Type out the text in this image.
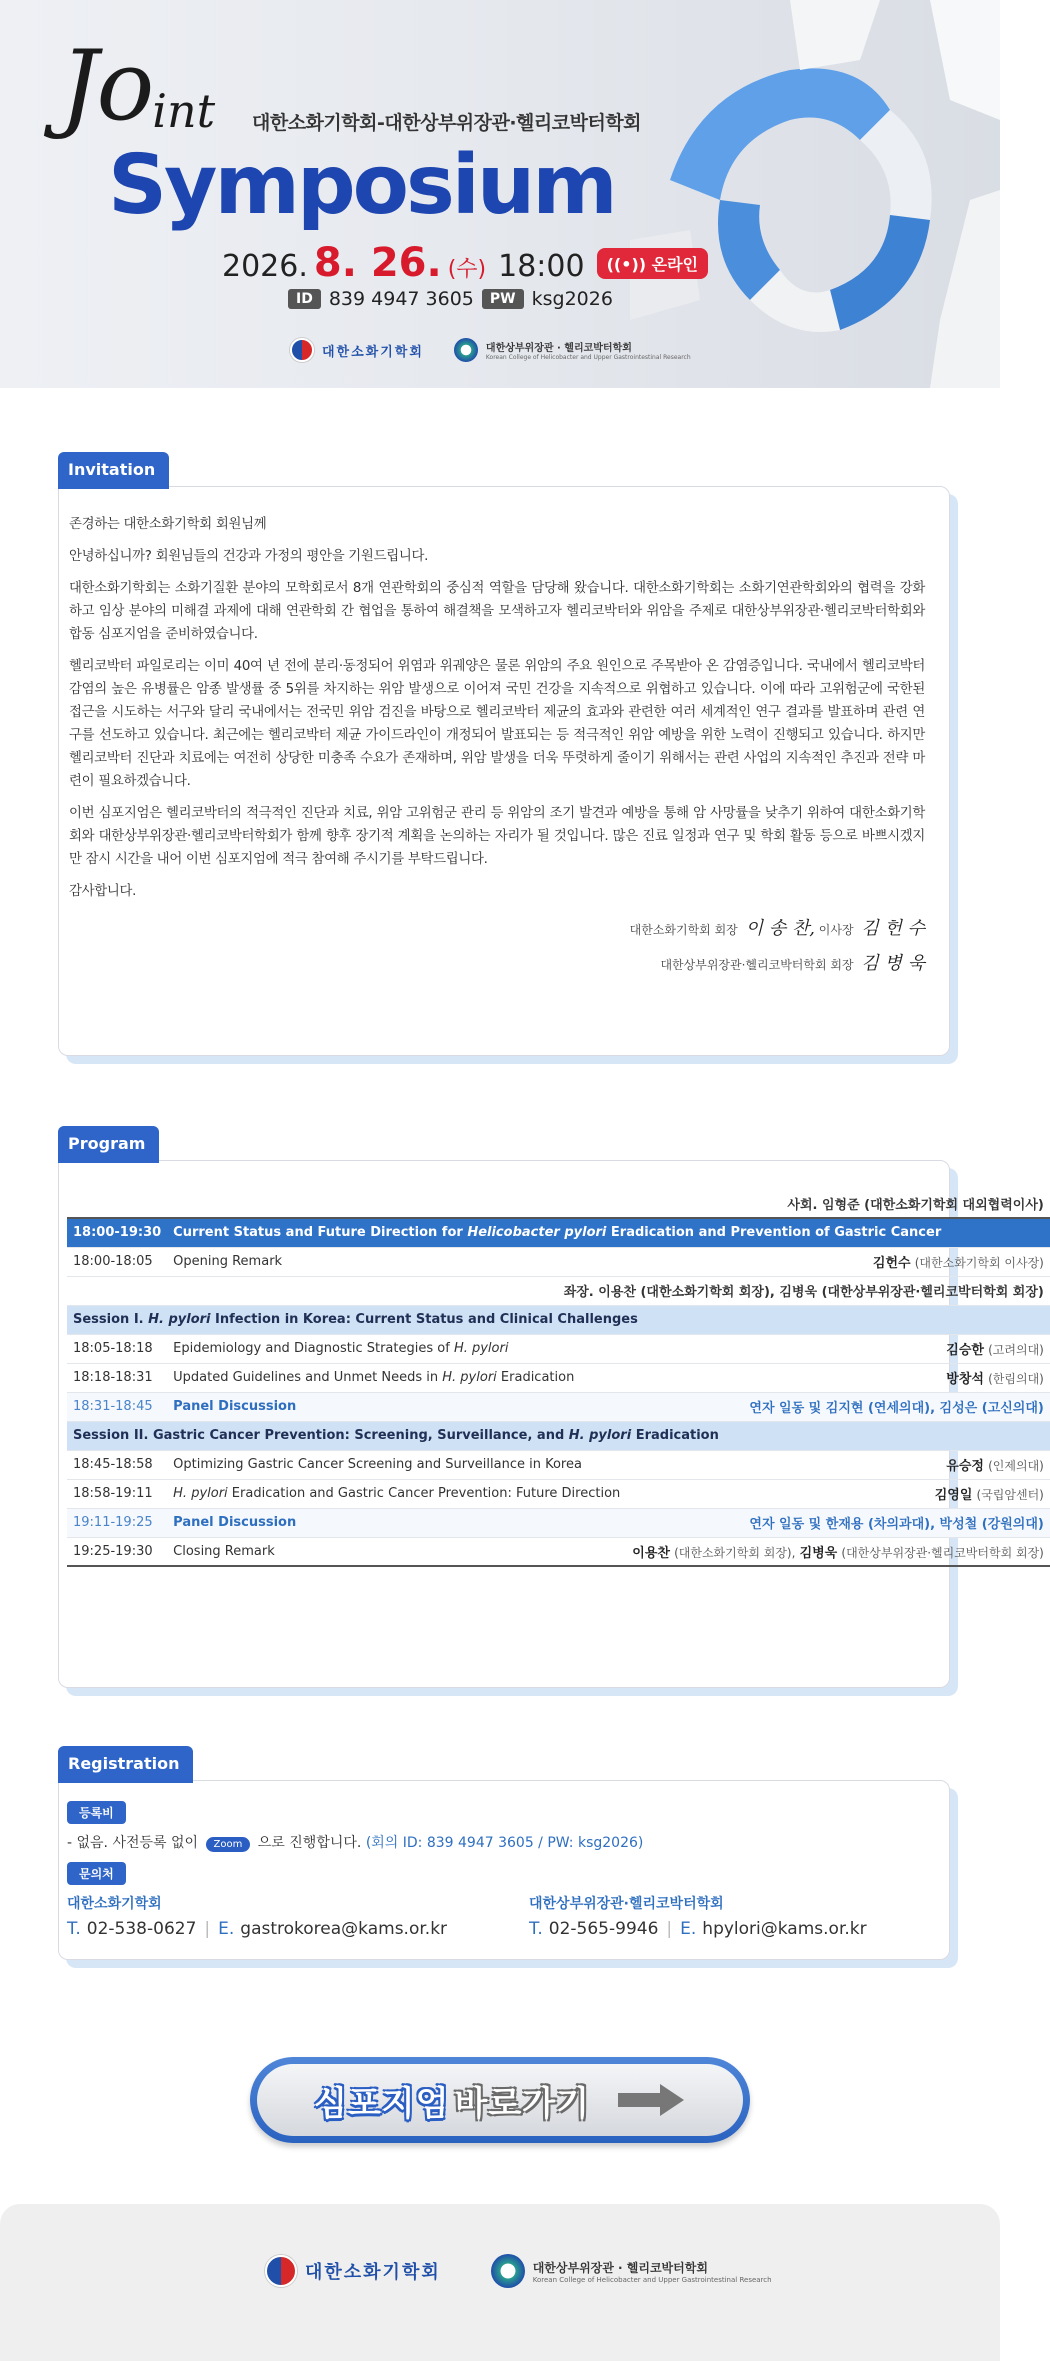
Joint 대한소화기학회-대한상부위장관·헬리코박터학회
Symposium
2026. 8. 26. (수) 18:00	((•)) 온라인
ID 839 4947 3605	PW ksg2026
대한소화기학회	대한상부위장관 · 헬리코박터학회
Korean College of Helicobacter and Upper Gastrointestinal Research
Invitation

존경하는 대한소화기학회 회원님께

안녕하십니까? 회원님들의 건강과 가정의 평안을 기원드립니다.

대한소화기학회는 소화기질환 분야의 모학회로서 8개 연관학회의 중심적 역할을 담당해 왔습니다. 대한소화기학회는 소화기연관학회와의 협력을 강화하고 임상 분야의 미해결 과제에 대해 연관학회 간 협업을 통하여 해결책을 모색하고자 헬리코박터와 위암을 주제로 대한상부위장관·헬리코박터학회와 합동 심포지엄을 준비하였습니다.

헬리코박터 파일로리는 이미 40여 년 전에 분리·동정되어 위염과 위궤양은 물론 위암의 주요 원인으로 주목받아 온 감염증입니다. 국내에서 헬리코박터 감염의 높은 유병률은 암종 발생률 중 5위를 차지하는 위암 발생으로 이어져 국민 건강을 지속적으로 위협하고 있습니다. 이에 따라 고위험군에 국한된 접근을 시도하는 서구와 달리 국내에서는 전국민 위암 검진을 바탕으로 헬리코박터 제균의 효과와 관련한 여러 세계적인 연구 결과를 발표하며 관련 연구를 선도하고 있습니다. 최근에는 헬리코박터 제균 가이드라인이 개정되어 발표되는 등 적극적인 위암 예방을 위한 노력이 진행되고 있습니다. 하지만 헬리코박터 진단과 치료에는 여전히 상당한 미충족 수요가 존재하며, 위암 발생을 더욱 뚜렷하게 줄이기 위해서는 관련 사업의 지속적인 추진과 전략 마련이 필요하겠습니다.

이번 심포지엄은 헬리코박터의 적극적인 진단과 치료, 위암 고위험군 관리 등 위암의 조기 발견과 예방을 통해 암 사망률을 낮추기 위하여 대한소화기학회와 대한상부위장관·헬리코박터학회가 함께 향후 장기적 계획을 논의하는 자리가 될 것입니다. 많은 진료 일정과 연구 및 학회 활동 등으로 바쁘시겠지만 잠시 시간을 내어 이번 심포지엄에 적극 참여해 주시기를 부탁드립니다.

감사합니다.

대한소화기학회 회장 이 송 찬, 이사장 김 헌 수
대한상부위장관·헬리코박터학회 회장 김 병 욱
Program
사회. 임형준 (대한소화기학회 대외협력이사)		
18:00-19:30	Current Status and Future Direction for Helicobacter pylori Eradication and Prevention of Gastric Cancer	
18:00-18:05	Opening Remark	김헌수 (대한소화기학회 이사장)
좌장. 이용찬 (대한소화기학회 회장), 김병욱 (대한상부위장관·헬리코박터학회 회장)		
Session I. H. pylori Infection in Korea: Current Status and Clinical Challenges		
18:05-18:18	Epidemiology and Diagnostic Strategies of H. pylori	김승한 (고려의대)
18:18-18:31	Updated Guidelines and Unmet Needs in H. pylori Eradication	방창석 (한림의대)
18:31-18:45	Panel Discussion	연자 일동 및 김지현 (연세의대), 김성은 (고신의대)
Session II. Gastric Cancer Prevention: Screening, Surveillance, and H. pylori Eradication		
18:45-18:58	Optimizing Gastric Cancer Screening and Surveillance in Korea	유승정 (인제의대)
18:58-19:11	H. pylori Eradication and Gastric Cancer Prevention: Future Direction	김영일 (국립암센터)
19:11-19:25	Panel Discussion	연자 일동 및 한재용 (차의과대), 박성철 (강원의대)
19:25-19:30	Closing Remark	이용찬 (대한소화기학회 회장), 김병욱 (대한상부위장관·헬리코박터학회 회장)
Registration
등록비
- 없음. 사전등록 없이 Zoom 으로 진행합니다. (회의 ID: 839 4947 3605 / PW: ksg2026)
문의처
대한소화기학회
T. 02-538-0627 | E. gastrokorea@kams.or.kr
대한상부위장관·헬리코박터학회
T. 02-565-9946 | E. hpylori@kams.or.kr
심포지엄 바로가기
대한소화기학회	대한상부위장관 · 헬리코박터학회
Korean College of Helicobacter and Upper Gastrointestinal Research
